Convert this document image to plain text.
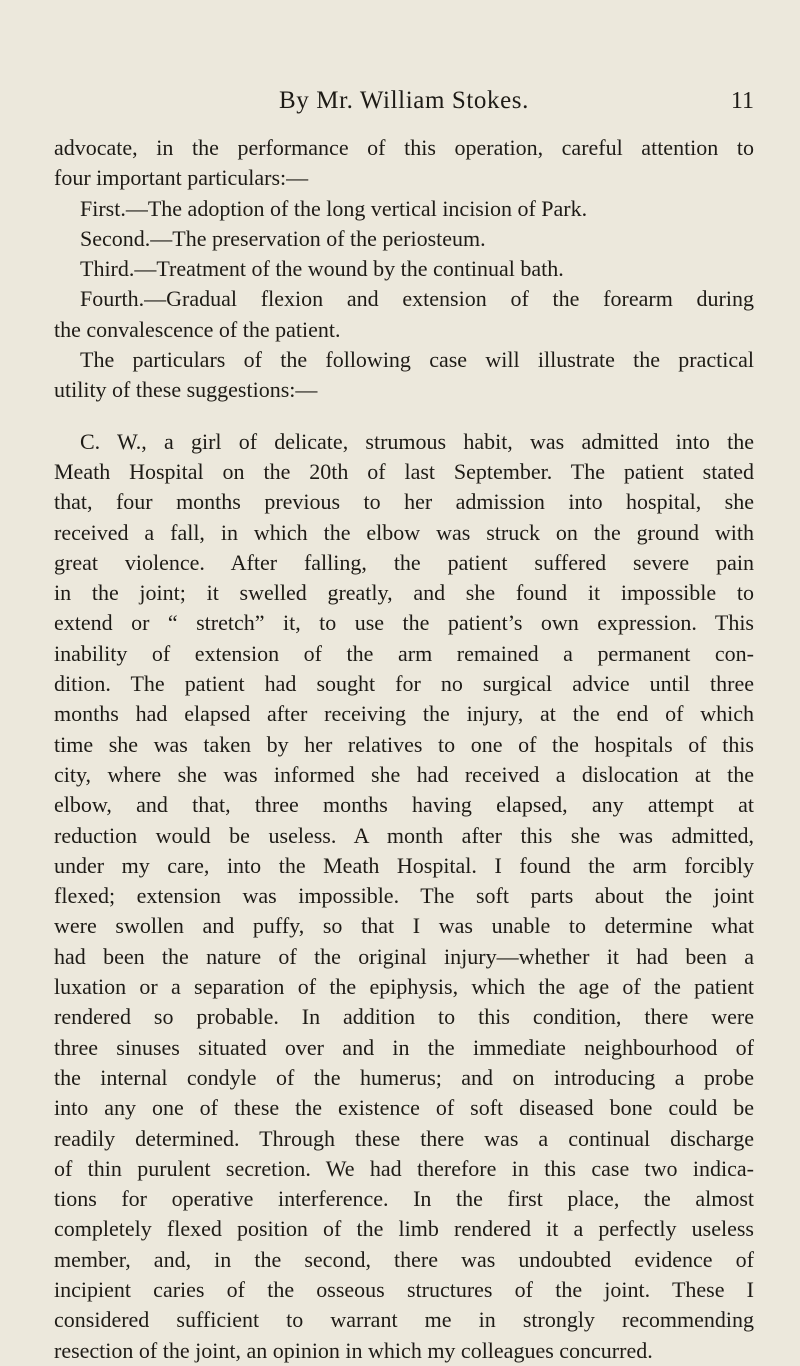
By Mr. William Stokes.	11
advocate, in the performance of this operation, careful attention to
four important particulars:—
First.—The adoption of the long vertical incision of Park.
Second.—The preservation of the periosteum.
Third.—Treatment of the wound by the continual bath.
Fourth.—Gradual flexion and extension of the forearm during
the convalescence of the patient.
The particulars of the following case will illustrate the practical
utility of these suggestions:—
C. W., a girl of delicate, strumous habit, was admitted into the
Meath Hospital on the 20th of last September. The patient stated
that, four months previous to her admission into hospital, she
received a fall, in which the elbow was struck on the ground with
great violence. After falling, the patient suffered severe pain
in the joint; it swelled greatly, and she found it impossible to
extend or “ stretch” it, to use the patient’s own expression. This
inability of extension of the arm remained a permanent con-
dition. The patient had sought for no surgical advice until three
months had elapsed after receiving the injury, at the end of which
time she was taken by her relatives to one of the hospitals of this
city, where she was informed she had received a dislocation at the
elbow, and that, three months having elapsed, any attempt at
reduction would be useless. A month after this she was admitted,
under my care, into the Meath Hospital. I found the arm forcibly
flexed; extension was impossible. The soft parts about the joint
were swollen and puffy, so that I was unable to determine what
had been the nature of the original injury—whether it had been a
luxation or a separation of the epiphysis, which the age of the patient
rendered so probable. In addition to this condition, there were
three sinuses situated over and in the immediate neighbourhood of
the internal condyle of the humerus; and on introducing a probe
into any one of these the existence of soft diseased bone could be
readily determined. Through these there was a continual discharge
of thin purulent secretion. We had therefore in this case two indica-
tions for operative interference. In the first place, the almost
completely flexed position of the limb rendered it a perfectly useless
member, and, in the second, there was undoubted evidence of
incipient caries of the osseous structures of the joint. These I
considered sufficient to warrant me in strongly recommending
resection of the joint, an opinion in which my colleagues concurred.
